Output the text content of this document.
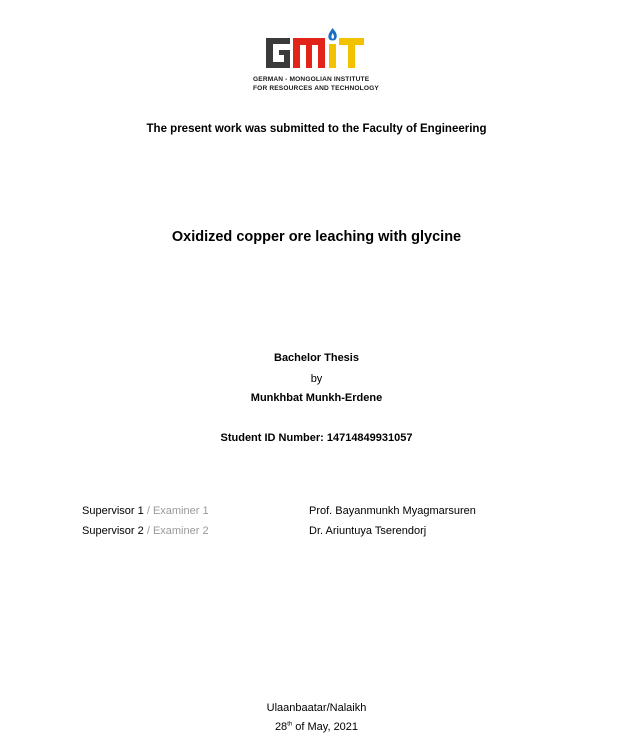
GERMAN - MONGOLIAN INSTITUTE
FOR RESOURCES AND TECHNOLOGY
The present work was submitted to the Faculty of Engineering
Oxidized copper ore leaching with glycine
Bachelor Thesis
by
Munkhbat Munkh-Erdene
Student ID Number: 14714849931057
Supervisor 1 / Examiner 1	Prof. Bayanmunkh Myagmarsuren
Supervisor 2 / Examiner 2	Dr. Ariuntuya Tserendorj
Ulaanbaatar/Nalaikh
28th of May, 2021
